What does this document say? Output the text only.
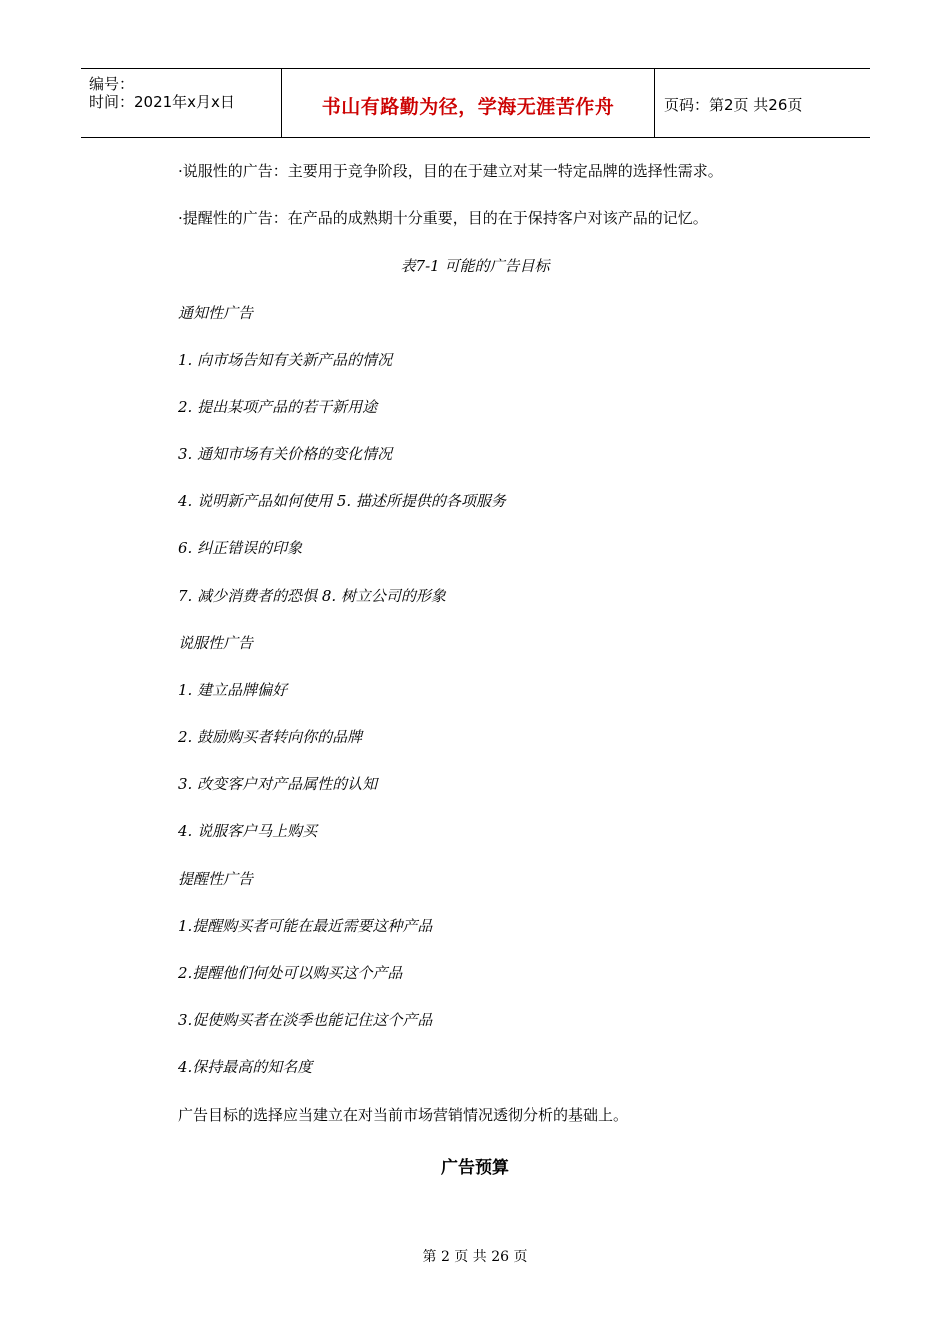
编号：
时间：2021年x月x日	书山有路勤为径，学海无涯苦作舟	页码：第2页 共26页
·说服性的广告：主要用于竞争阶段，目的在于建立对某一特定品牌的选择性需求。
·提醒性的广告：在产品的成熟期十分重要，目的在于保持客户对该产品的记忆。
表7-1 可能的广告目标
通知性广告
1. 向市场告知有关新产品的情况
2. 提出某项产品的若干新用途
3. 通知市场有关价格的变化情况
4. 说明新产品如何使用 5. 描述所提供的各项服务
6. 纠正错误的印象
7. 减少消费者的恐惧 8. 树立公司的形象
说服性广告
1. 建立品牌偏好
2. 鼓励购买者转向你的品牌
3. 改变客户对产品属性的认知
4. 说服客户马上购买
提醒性广告
1.提醒购买者可能在最近需要这种产品
2.提醒他们何处可以购买这个产品
3.促使购买者在淡季也能记住这个产品
4.保持最高的知名度
广告目标的选择应当建立在对当前市场营销情况透彻分析的基础上。
广告预算
第 2 页 共 26 页
